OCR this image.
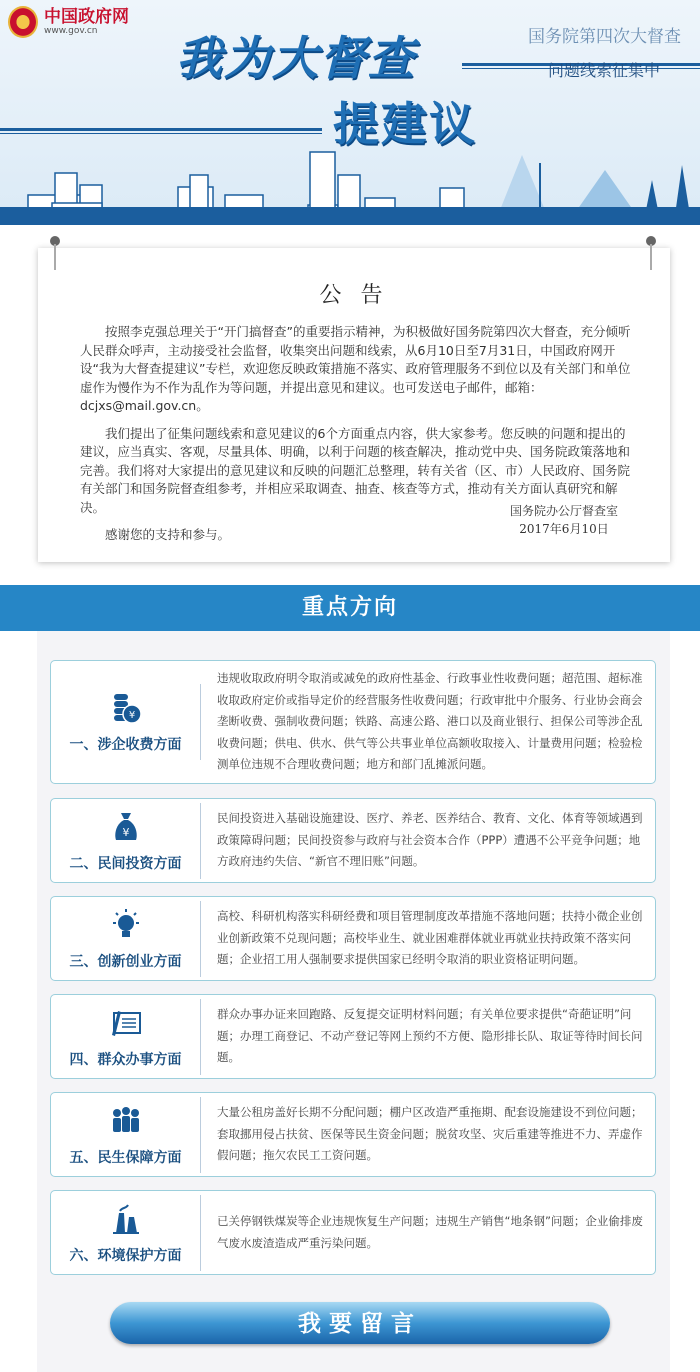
中国政府网
www.gov.cn	我为大督查
提建议
国务院第四次大督查
问题线索征集中
公 告

按照李克强总理关于“开门搞督查”的重要指示精神，为积极做好国务院第四次大督查，充分倾听人民群众呼声，主动接受社会监督，收集突出问题和线索，从6月10日至7月31日，中国政府网开设“我为大督查提建议”专栏，欢迎您反映政策措施不落实、政府管理服务不到位以及有关部门和单位虚作为慢作为不作为乱作为等问题，并提出意见和建议。也可发送电子邮件，邮箱：dcjxs@mail.gov.cn。

我们提出了征集问题线索和意见建议的6个方面重点内容，供大家参考。您反映的问题和提出的建议，应当真实、客观，尽量具体、明确，以利于问题的核查解决，推动党中央、国务院政策落地和完善。我们将对大家提出的意见建议和反映的问题汇总整理，转有关省（区、市）人民政府、国务院有关部门和国务院督查组参考，并相应采取调查、抽查、核查等方式，推动有关方面认真研究和解决。

感谢您的支持和参与。

国务院办公厅督查室
2017年6月10日
重点方向
¥
一、涉企收费方面
违规收取政府明令取消或减免的政府性基金、行政事业性收费问题；超范围、超标准收取政府定价或指导定价的经营服务性收费问题；行政审批中介服务、行业协会商会垄断收费、强制收费问题；铁路、高速公路、港口以及商业银行、担保公司等涉企乱收费问题；供电、供水、供气等公共事业单位高额收取接入、计量费用问题；检验检测单位违规不合理收费问题；地方和部门乱摊派问题。
¥
二、民间投资方面
民间投资进入基础设施建设、医疗、养老、医养结合、教育、文化、体育等领域遇到政策障碍问题；民间投资参与政府与社会资本合作（PPP）遭遇不公平竞争问题；地方政府违约失信、“新官不理旧账”问题。
三、创新创业方面
高校、科研机构落实科研经费和项目管理制度改革措施不落地问题；扶持小微企业创业创新政策不兑现问题；高校毕业生、就业困难群体就业再就业扶持政策不落实问题；企业招工用人强制要求提供国家已经明令取消的职业资格证明问题。
四、群众办事方面
群众办事办证来回跑路、反复提交证明材料问题；有关单位要求提供“奇葩证明”问题；办理工商登记、不动产登记等网上预约不方便、隐形排长队、取证等待时间长问题。
五、民生保障方面
大量公租房盖好长期不分配问题；棚户区改造严重拖期、配套设施建设不到位问题；套取挪用侵占扶贫、医保等民生资金问题；脱贫攻坚、灾后重建等推进不力、弄虚作假问题；拖欠农民工工资问题。
六、环境保护方面
已关停钢铁煤炭等企业违规恢复生产问题；违规生产销售“地条钢”问题；企业偷排废气废水废渣造成严重污染问题。
我要留言
